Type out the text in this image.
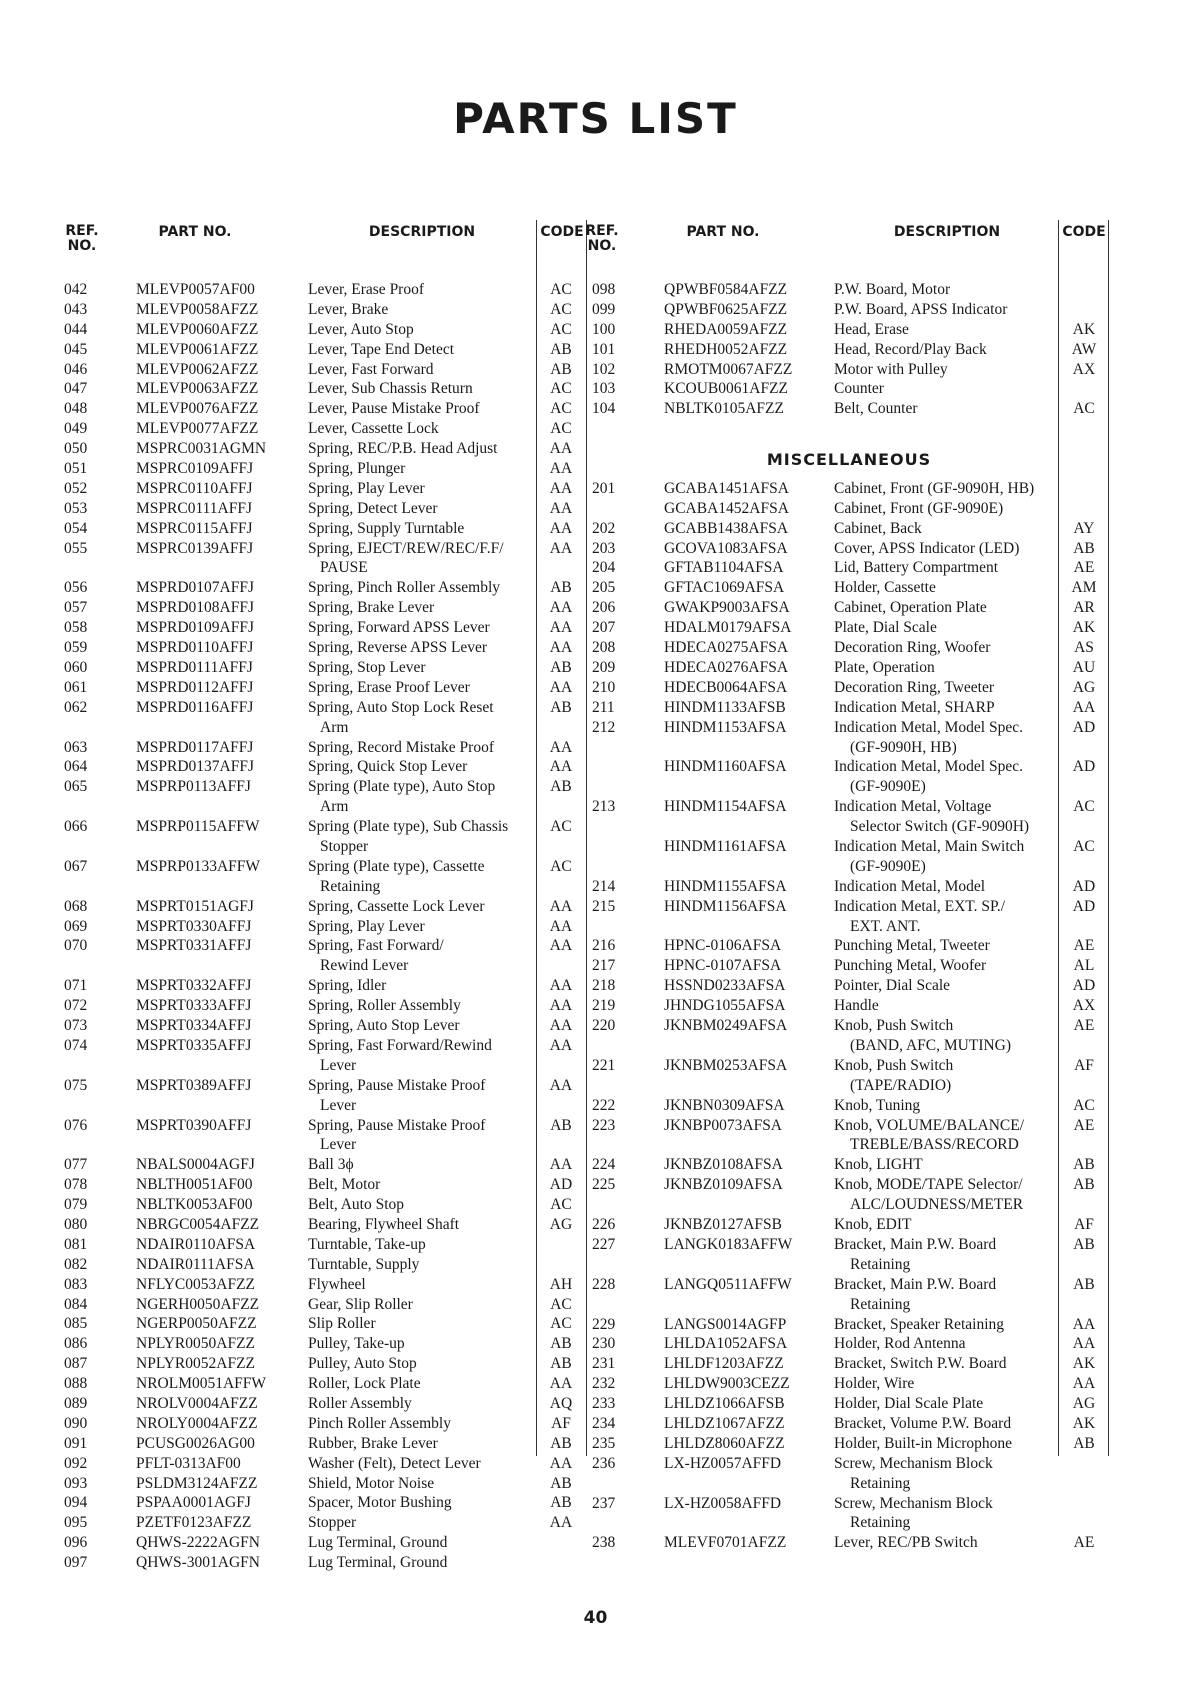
PARTS LIST
REF. NO.
PART NO.	DESCRIPTION	CODE
042	MLEVP0057AF00	Lever, Erase Proof	AC
043	MLEVP0058AFZZ	Lever, Brake	AC
044	MLEVP0060AFZZ	Lever, Auto Stop	AC
045	MLEVP0061AFZZ	Lever, Tape End Detect	AB
046	MLEVP0062AFZZ	Lever, Fast Forward	AB
047	MLEVP0063AFZZ	Lever, Sub Chassis Return	AC
048	MLEVP0076AFZZ	Lever, Pause Mistake Proof	AC
049	MLEVP0077AFZZ	Lever, Cassette Lock	AC
050	MSPRC0031AGMN	Spring, REC/P.B. Head Adjust	AA
051	MSPRC0109AFFJ	Spring, Plunger	AA
052	MSPRC0110AFFJ	Spring, Play Lever	AA
053	MSPRC0111AFFJ	Spring, Detect Lever	AA
054	MSPRC0115AFFJ	Spring, Supply Turntable	AA
055	MSPRC0139AFFJ	Spring, EJECT/REW/REC/F.F/	AA
PAUSE
056	MSPRD0107AFFJ	Spring, Pinch Roller Assembly	AB
057	MSPRD0108AFFJ	Spring, Brake Lever	AA
058	MSPRD0109AFFJ	Spring, Forward APSS Lever	AA
059	MSPRD0110AFFJ	Spring, Reverse APSS Lever	AA
060	MSPRD0111AFFJ	Spring, Stop Lever	AB
061	MSPRD0112AFFJ	Spring, Erase Proof Lever	AA
062	MSPRD0116AFFJ	Spring, Auto Stop Lock Reset	AB
Arm
063	MSPRD0117AFFJ	Spring, Record Mistake Proof	AA
064	MSPRD0137AFFJ	Spring, Quick Stop Lever	AA
065	MSPRP0113AFFJ	Spring (Plate type), Auto Stop	AB
Arm
066	MSPRP0115AFFW	Spring (Plate type), Sub Chassis	AC
Stopper
067	MSPRP0133AFFW	Spring (Plate type), Cassette	AC
Retaining
068	MSPRT0151AGFJ	Spring, Cassette Lock Lever	AA
069	MSPRT0330AFFJ	Spring, Play Lever	AA
070	MSPRT0331AFFJ	Spring, Fast Forward/	AA
Rewind Lever
071	MSPRT0332AFFJ	Spring, Idler	AA
072	MSPRT0333AFFJ	Spring, Roller Assembly	AA
073	MSPRT0334AFFJ	Spring, Auto Stop Lever	AA
074	MSPRT0335AFFJ	Spring, Fast Forward/Rewind	AA
Lever
075	MSPRT0389AFFJ	Spring, Pause Mistake Proof	AA
Lever
076	MSPRT0390AFFJ	Spring, Pause Mistake Proof	AB
Lever
077	NBALS0004AGFJ	Ball 3ϕ	AA
078	NBLTH0051AF00	Belt, Motor	AD
079	NBLTK0053AF00	Belt, Auto Stop	AC
080	NBRGC0054AFZZ	Bearing, Flywheel Shaft	AG
081	NDAIR0110AFSA	Turntable, Take-up
082	NDAIR0111AFSA	Turntable, Supply
083	NFLYC0053AFZZ	Flywheel	AH
084	NGERH0050AFZZ	Gear, Slip Roller	AC
085	NGERP0050AFZZ	Slip Roller	AC
086	NPLYR0050AFZZ	Pulley, Take-up	AB
087	NPLYR0052AFZZ	Pulley, Auto Stop	AB
088	NROLM0051AFFW	Roller, Lock Plate	AA
089	NROLV0004AFZZ	Roller Assembly	AQ
090	NROLY0004AFZZ	Pinch Roller Assembly	AF
091	PCUSG0026AG00	Rubber, Brake Lever	AB
092	PFLT-0313AF00	Washer (Felt), Detect Lever	AA
093	PSLDM3124AFZZ	Shield, Motor Noise	AB
094	PSPAA0001AGFJ	Spacer, Motor Bushing	AB
095	PZETF0123AFZZ	Stopper	AA
096	QHWS-2222AGFN	Lug Terminal, Ground
097	QHWS-3001AGFN	Lug Terminal, Ground
REF. NO.
PART NO.	DESCRIPTION	CODE
098	QPWBF0584AFZZ	P.W. Board, Motor
099	QPWBF0625AFZZ	P.W. Board, APSS Indicator
100	RHEDA0059AFZZ	Head, Erase	AK
101	RHEDH0052AFZZ	Head, Record/Play Back	AW
102	RMOTM0067AFZZ	Motor with Pulley	AX
103	KCOUB0061AFZZ	Counter
104	NBLTK0105AFZZ	Belt, Counter	AC
MISCELLANEOUS
201	GCABA1451AFSA	Cabinet, Front (GF-9090H, HB)
GCABA1452AFSA	Cabinet, Front (GF-9090E)
202	GCABB1438AFSA	Cabinet, Back	AY
203	GCOVA1083AFSA	Cover, APSS Indicator (LED)	AB
204	GFTAB1104AFSA	Lid, Battery Compartment	AE
205	GFTAC1069AFSA	Holder, Cassette	AM
206	GWAKP9003AFSA	Cabinet, Operation Plate	AR
207	HDALM0179AFSA	Plate, Dial Scale	AK
208	HDECA0275AFSA	Decoration Ring, Woofer	AS
209	HDECA0276AFSA	Plate, Operation	AU
210	HDECB0064AFSA	Decoration Ring, Tweeter	AG
211	HINDM1133AFSB	Indication Metal, SHARP	AA
212	HINDM1153AFSA	Indication Metal, Model Spec.	AD
(GF-9090H, HB)
HINDM1160AFSA	Indication Metal, Model Spec.	AD
(GF-9090E)
213	HINDM1154AFSA	Indication Metal, Voltage	AC
Selector Switch (GF-9090H)
HINDM1161AFSA	Indication Metal, Main Switch	AC
(GF-9090E)
214	HINDM1155AFSA	Indication Metal, Model	AD
215	HINDM1156AFSA	Indication Metal, EXT. SP./	AD
EXT. ANT.
216	HPNC-0106AFSA	Punching Metal, Tweeter	AE
217	HPNC-0107AFSA	Punching Metal, Woofer	AL
218	HSSND0233AFSA	Pointer, Dial Scale	AD
219	JHNDG1055AFSA	Handle	AX
220	JKNBM0249AFSA	Knob, Push Switch	AE
(BAND, AFC, MUTING)
221	JKNBM0253AFSA	Knob, Push Switch	AF
(TAPE/RADIO)
222	JKNBN0309AFSA	Knob, Tuning	AC
223	JKNBP0073AFSA	Knob, VOLUME/BALANCE/	AE
TREBLE/BASS/RECORD
224	JKNBZ0108AFSA	Knob, LIGHT	AB
225	JKNBZ0109AFSA	Knob, MODE/TAPE Selector/	AB
ALC/LOUDNESS/METER
226	JKNBZ0127AFSB	Knob, EDIT	AF
227	LANGK0183AFFW	Bracket, Main P.W. Board	AB
Retaining
228	LANGQ0511AFFW	Bracket, Main P.W. Board	AB
Retaining
229	LANGS0014AGFP	Bracket, Speaker Retaining	AA
230	LHLDA1052AFSA	Holder, Rod Antenna	AA
231	LHLDF1203AFZZ	Bracket, Switch P.W. Board	AK
232	LHLDW9003CEZZ	Holder, Wire	AA
233	LHLDZ1066AFSB	Holder, Dial Scale Plate	AG
234	LHLDZ1067AFZZ	Bracket, Volume P.W. Board	AK
235	LHLDZ8060AFZZ	Holder, Built-in Microphone	AB
236	LX-HZ0057AFFD	Screw, Mechanism Block
Retaining
237	LX-HZ0058AFFD	Screw, Mechanism Block
Retaining
238	MLEVF0701AFZZ	Lever, REC/PB Switch	AE
40
